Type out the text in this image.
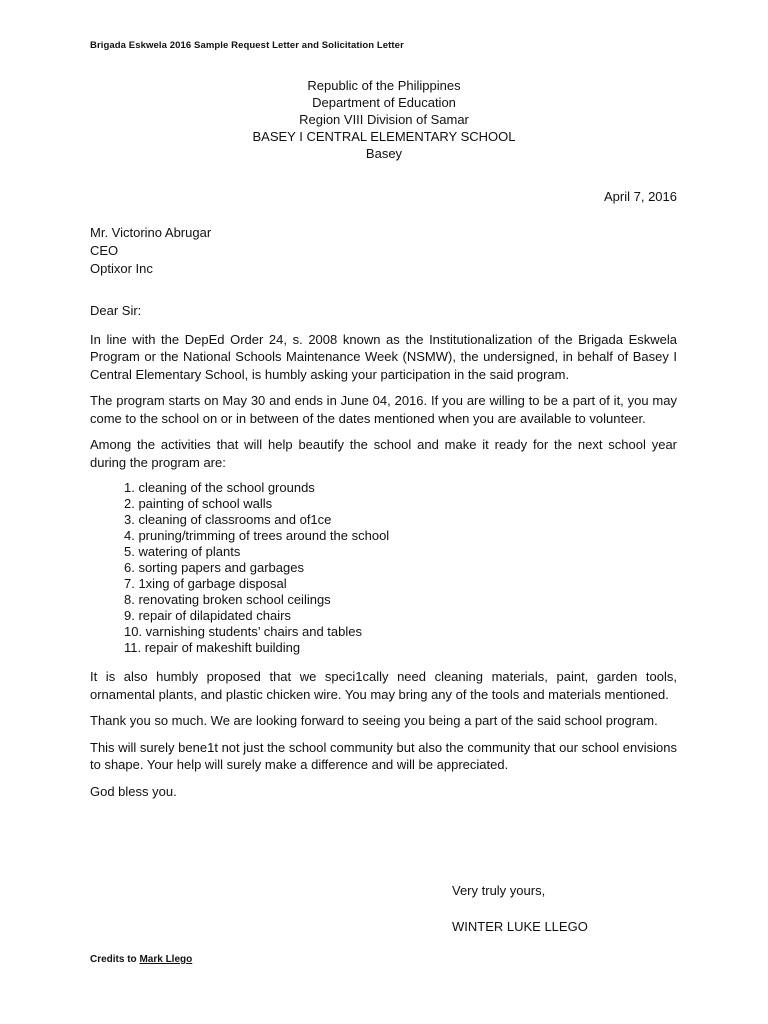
Brigada Eskwela 2016 Sample Request Letter and Solicitation Letter
Republic of the Philippines
Department of Education
Region VIII Division of Samar
BASEY I CENTRAL ELEMENTARY SCHOOL
Basey
April 7, 2016
Mr. Victorino Abrugar
CEO
Optixor Inc

Dear Sir:

In line with the DepEd Order 24, s. 2008 known as the Institutionalization of the Brigada Eskwela Program or the National Schools Maintenance Week (NSMW), the undersigned, in behalf of Basey I Central Elementary School, is humbly asking your participation in the said program.

The program starts on May 30 and ends in June 04, 2016. If you are willing to be a part of it, you may come to the school on or in between of the dates mentioned when you are available to volunteer.

Among the activities that will help beautify the school and make it ready for the next school year during the program are:

1. cleaning of the school grounds
2. painting of school walls
3. cleaning of classrooms and of1ce
4. pruning/trimming of trees around the school
5. watering of plants
6. sorting papers and garbages
7. 1xing of garbage disposal
8. renovating broken school ceilings
9. repair of dilapidated chairs
10. varnishing students’ chairs and tables
11. repair of makeshift building

It is also humbly proposed that we speci1cally need cleaning materials, paint, garden tools, ornamental plants, and plastic chicken wire. You may bring any of the tools and materials mentioned.

Thank you so much. We are looking forward to seeing you being a part of the said school program.

This will surely bene1t not just the school community but also the community that our school envisions to shape. Your help will surely make a difference and will be appreciated.

God bless you.

Very truly yours,
WINTER LUKE LLEGO
Credits to Mark Llego
